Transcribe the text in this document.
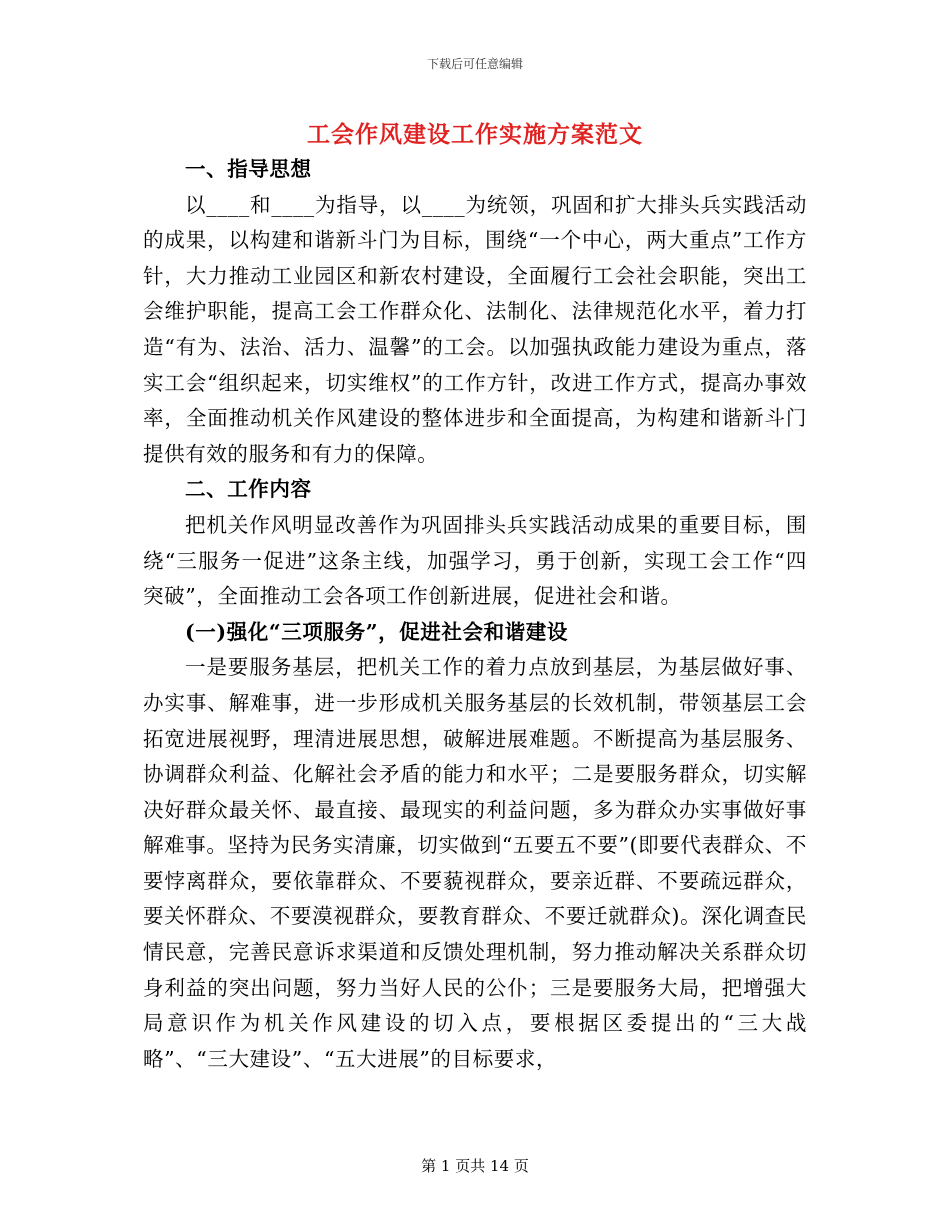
下载后可任意编辑
工会作风建设工作实施方案范文

一、指导思想

以____和____为指导，以____为统领，巩固和扩大排头兵实践活动的成果，以构建和谐新斗门为目标，围绕“一个中心，两大重点”工作方针，大力推动工业园区和新农村建设，全面履行工会社会职能，突出工会维护职能，提高工会工作群众化、法制化、法律规范化水平，着力打造“有为、法治、活力、温馨”的工会。以加强执政能力建设为重点，落实工会“组织起来，切实维权”的工作方针，改进工作方式，提高办事效率，全面推动机关作风建设的整体进步和全面提高，为构建和谐新斗门提供有效的服务和有力的保障。

二、工作内容

把机关作风明显改善作为巩固排头兵实践活动成果的重要目标，围绕“三服务一促进”这条主线，加强学习，勇于创新，实现工会工作“四突破”，全面推动工会各项工作创新进展，促进社会和谐。

(一)强化“三项服务”，促进社会和谐建设

一是要服务基层，把机关工作的着力点放到基层，为基层做好事、办实事、解难事，进一步形成机关服务基层的长效机制，带领基层工会拓宽进展视野，理清进展思想，破解进展难题。不断提高为基层服务、协调群众利益、化解社会矛盾的能力和水平；二是要服务群众，切实解决好群众最关怀、最直接、最现实的利益问题，多为群众办实事做好事解难事。坚持为民务实清廉，切实做到“五要五不要”(即要代表群众、不要悖离群众，要依靠群众、不要藐视群众，要亲近群、不要疏远群众，要关怀群众、不要漠视群众，要教育群众、不要迁就群众)。深化调查民情民意，完善民意诉求渠道和反馈处理机制，努力推动解决关系群众切身利益的突出问题，努力当好人民的公仆；三是要服务大局，把增强大局意识作为机关作风建设的切入点，要根据区委提出的“三大战略”、“三大建设”、“五大进展”的目标要求，

第 1 页共 14 页
